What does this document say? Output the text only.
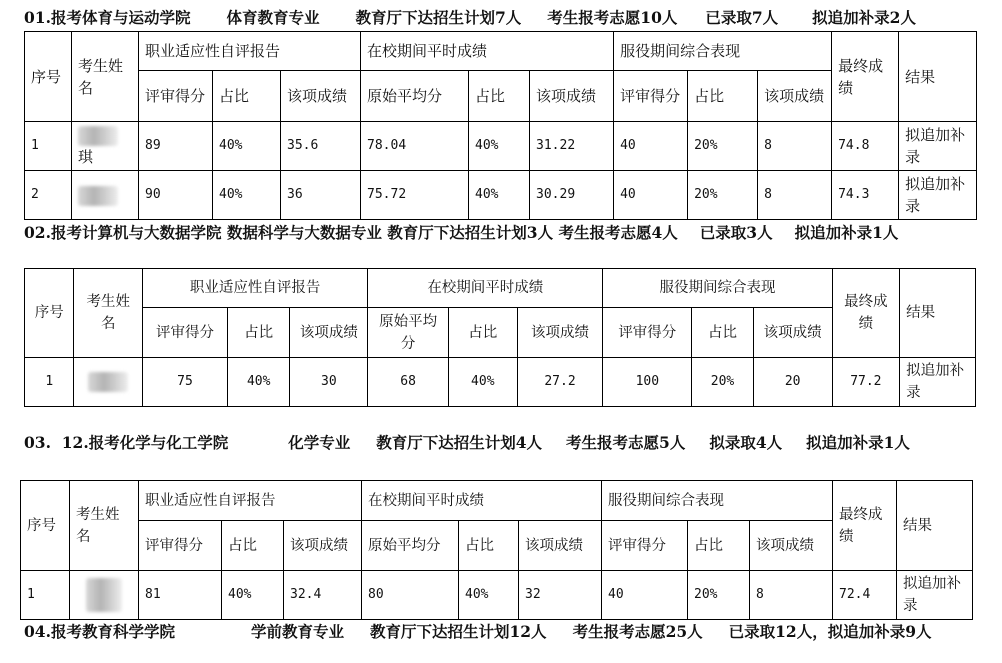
01.报考体育与运动学院 体育教育专业 教育厅下达招生计划7人 考生报考志愿10人 已录取7人 拟追加补录2人
序号	考生姓名	职业适应性自评报告			在校期间平时成绩			服役期间综合表现			最终成绩	结果
		评审得分	占比	该项成绩	原始平均分	占比	该项成绩	评审得分	占比	该项成绩		
1	琪	89	40%	35.6	78.04	40%	31.22	40	20%	8	74.8	拟追加补录
2		90	40%	36	75.72	40%	30.29	40	20%	8	74.3	拟追加补录
02.报考计算机与大数据学院 数据科学与大数据专业 教育厅下达招生计划3人 考生报考志愿4人 已录取3人 拟追加补录1人
序号	考生姓名	职业适应性自评报告			在校期间平时成绩			服役期间综合表现			最终成绩	结果
		评审得分	占比	该项成绩	原始平均分	占比	该项成绩	评审得分	占比	该项成绩		
1		75	40%	30	68	40%	27.2	100	20%	20	77.2	拟追加补录
03.  12.报考化学与化工学院	化学专业 教育厅下达招生计划4人 考生报考志愿5人 拟录取4人 拟追加补录1人
序号	考生姓名	职业适应性自评报告			在校期间平时成绩			服役期间综合表现			最终成绩	结果
		评审得分	占比	该项成绩	原始平均分	占比	该项成绩	评审得分	占比	该项成绩		
1		81	40%	32.4	80	40%	32	40	20%	8	72.4	拟追加补录
04.报考教育科学学院	学前教育专业 教育厅下达招生计划12人 考生报考志愿25人 已录取12人，拟追加补录9人
